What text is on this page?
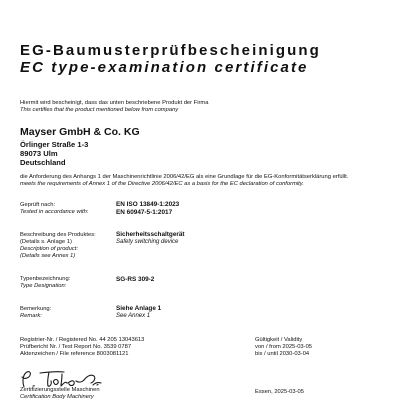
EG-Baumusterprüfbescheinigung
EC type-examination certificate
Hiermit wird bescheinigt, dass das unten beschriebene Produkt der Firma
This certifies that the product mentioned below from company
Mayser GmbH & Co. KG
Örlinger Straße 1-3
89073 Ulm
Deutschland
die Anforderung des Anhangs 1 der Maschinenrichtlinie 2006/42/EG als eine Grundlage für die EG-Konformitätserklärung erfüllt.
meets the requirements of Annex 1 of the Directive 2006/42/EC as a basis for the EC declaration of conformity.
Geprüft nach:
Tested in accordance with:
EN ISO 13849-1:2023
EN 60947-5-1:2017
Beschreibung des Produktes:
(Details s. Anlage 1)
Description of product:
(Details see Annex 1)
Sicherheitsschaltgerät
Safety switching device
Typenbezeichnung:
Type Designation:
SG-RS 309-2
Bemerkung:
Remark:
Siehe Anlage 1
See Annex 1
Registrier-Nr. / Registered No. 44 205 13043613
Prüfbericht Nr. / Test Report No. 3539 0787
Aktenzeichen / File reference 8003081121
Gültigkeit / Validity
von / from 2025-03-05
bis / until 2030-03-04
Zertifizierungsstelle Maschinen
Certification Body Machinery
Essen, 2025-03-05
